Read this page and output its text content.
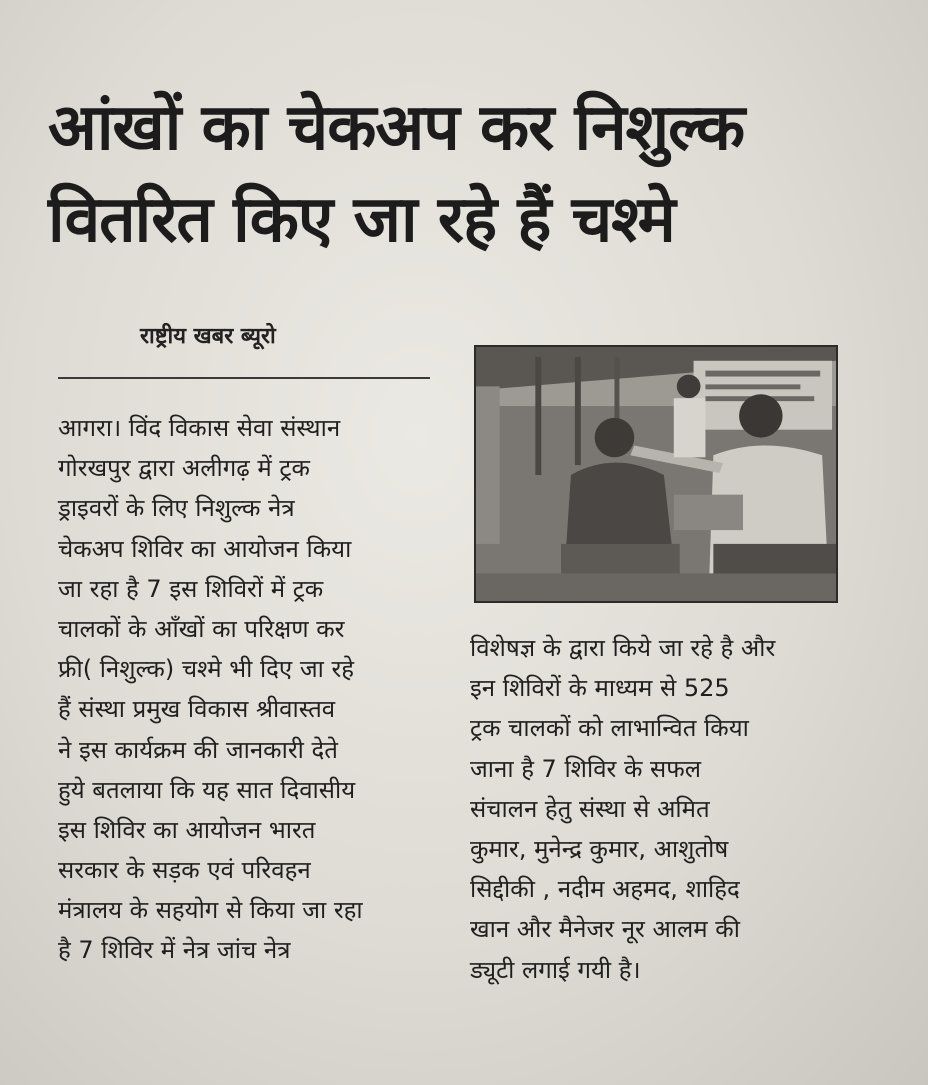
आंखों का चेकअप कर निशुल्क
वितरित किए जा रहे हैं चश्मे
राष्ट्रीय खबर ब्यूरो
आगरा। विंद विकास सेवा संस्थान
गोरखपुर द्वारा अलीगढ़ में ट्रक
ड्राइवरों के लिए निशुल्क नेत्र
चेकअप शिविर का आयोजन किया
जा रहा है 7 इस शिविरों में ट्रक
चालकों के आँखों का परिक्षण कर
फ्री( निशुल्क) चश्मे भी दिए जा रहे
हैं संस्था प्रमुख विकास श्रीवास्तव
ने इस कार्यक्रम की जानकारी देते
हुये बतलाया कि यह सात दिवासीय
इस शिविर का आयोजन भारत
सरकार के सड़क एवं परिवहन
मंत्रालय के सहयोग से किया जा रहा
है 7 शिविर में नेत्र जांच नेत्र
विशेषज्ञ के द्वारा किये जा रहे है और
इन शिविरों के माध्यम से 525
ट्रक चालकों को लाभान्वित किया
जाना है 7 शिविर के सफल
संचालन हेतु संस्था से अमित
कुमार, मुनेन्द्र कुमार, आशुतोष
सिद्दीकी , नदीम अहमद, शाहिद
खान और मैनेजर नूर आलम की
ड्यूटी लगाई गयी है।
